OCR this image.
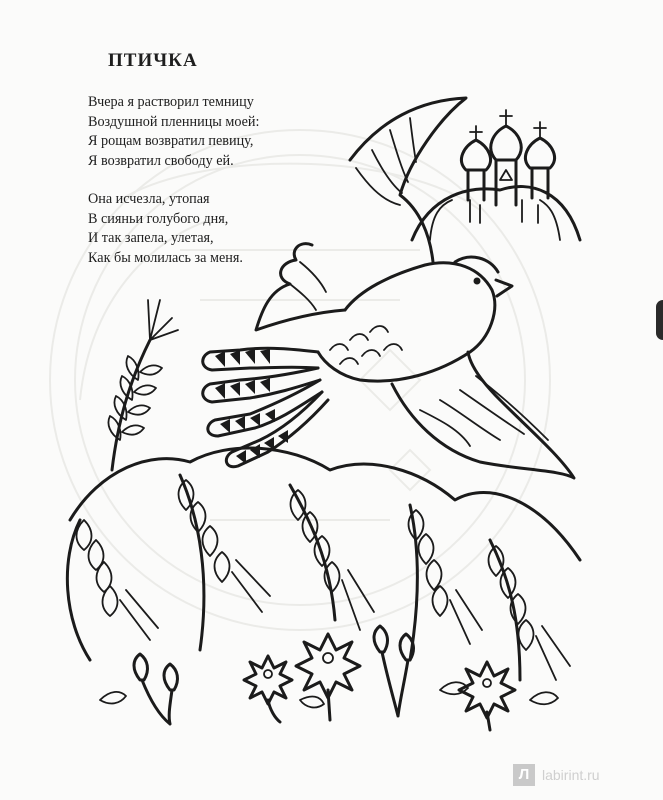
ПТИЧКА
Вчера я растворил темницу
Воздушной пленницы моей:
Я рощам возвратил певицу,
Я возвратил свободу ей.
Она исчезла, утопая
В сияньи голубого дня,
И так запела, улетая,
Как бы молилась за меня.
Л labirint.ru
